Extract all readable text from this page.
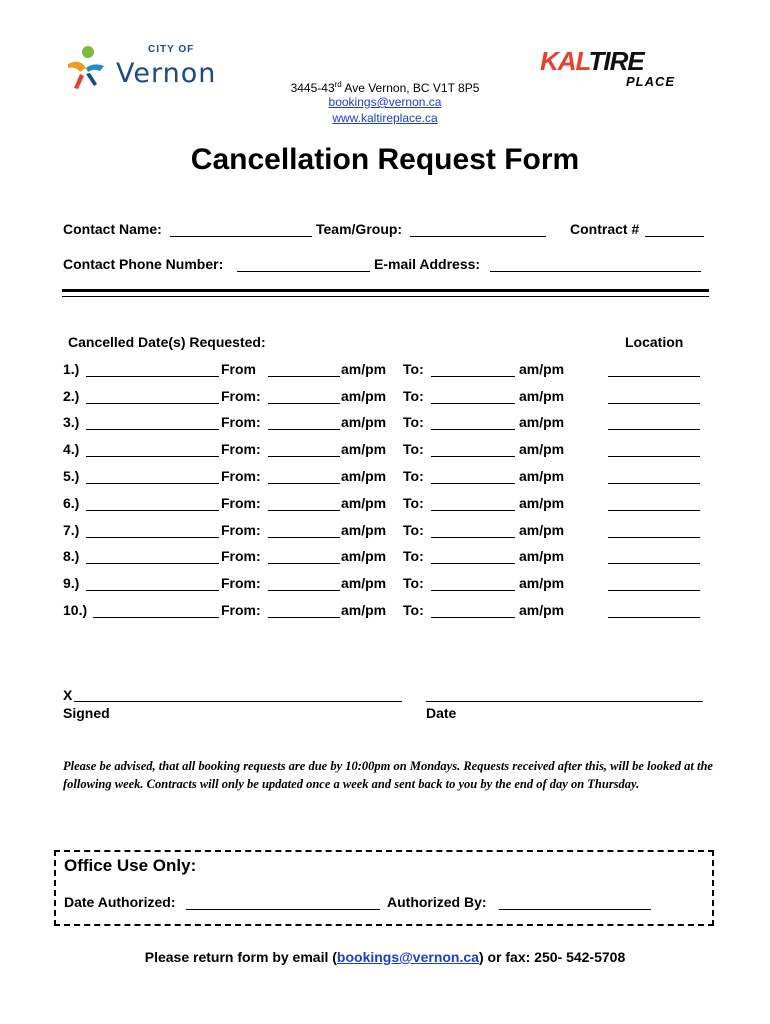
CITY OF
Vernon	KALTIRE
PLACE
3445-43rd Ave Vernon, BC V1T 8P5
bookings@vernon.ca
www.kaltireplace.ca
Cancellation Request Form
Contact Name:	Team/Group:	Contract #
Contact Phone Number:	E-mail Address:
Cancelled Date(s) Requested:	Location
1.)	From	am/pm To:	am/pm
2.)	From:	am/pm To:	am/pm
3.)	From:	am/pm To:	am/pm
4.)	From:	am/pm To:	am/pm
5.)	From:	am/pm To:	am/pm
6.)	From:	am/pm To:	am/pm
7.)	From:	am/pm To:	am/pm
8.)	From:	am/pm To:	am/pm
9.)	From:	am/pm To:	am/pm
10.)	From:	am/pm To:	am/pm
X
Signed	Date
Please be advised, that all booking requests are due by 10:00pm on Mondays. Requests received after this, will be looked at the following week. Contracts will only be updated once a week and sent back to you by the end of day on Thursday.
Office Use Only:
Date Authorized:	Authorized By:
Please return form by email (bookings@vernon.ca) or fax: 250- 542-5708
